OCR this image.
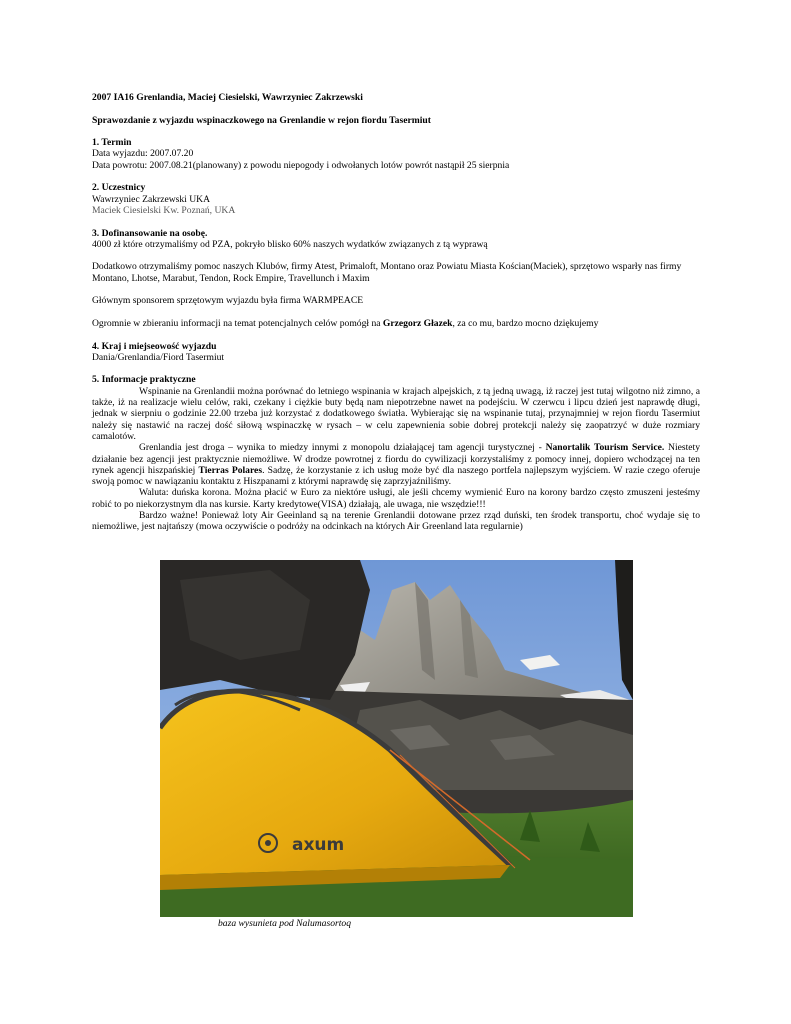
2007 IA16 Grenlandia, Maciej Ciesielski, Wawrzyniec Zakrzewski

Sprawozdanie z wyjazdu wspinaczkowego na Grenlandie w rejon fiordu Tasermiut

1. Termin

Data wyjazdu: 2007.07.20

Data powrotu: 2007.08.21(planowany) z powodu niepogody i odwołanych lotów powrót nastąpił 25 sierpnia

2. Uczestnicy

Wawrzyniec Zakrzewski UKA

Maciek Ciesielski Kw. Poznań, UKA

3. Dofinansowanie na osobę.

4000 zł które otrzymaliśmy od PZA, pokryło blisko 60% naszych wydatków związanych z tą wyprawą

Dodatkowo otrzymaliśmy pomoc naszych Klubów, firmy Atest, Primaloft, Montano oraz Powiatu Miasta Kościan(Maciek), sprzętowo wsparły nas firmy Montano, Lhotse, Marabut, Tendon, Rock Empire, Travellunch i Maxim

Głównym sponsorem sprzętowym wyjazdu była firma WARMPEACE

Ogromnie w zbieraniu informacji na temat potencjalnych celów pomógł na Grzegorz Głazek, za co mu, bardzo mocno dziękujemy

4. Kraj i miejseowość wyjazdu

Dania/Grenlandia/Fiord Tasermiut

5. Informacje praktyczne

Wspinanie na Grenlandii można porównać do letniego wspinania w krajach alpejskich, z tą jedną uwagą, iż raczej jest tutaj wilgotno niż zimno, a także, iż na realizacje wielu celów, raki, czekany i ciężkie buty będą nam niepotrzebne nawet na podejściu. W czerwcu i lipcu dzień jest naprawdę długi, jednak w sierpniu o godzinie 22.00 trzeba już korzystać z dodatkowego światła. Wybierając się na wspinanie tutaj, przynajmniej w rejon fiordu Tasermiut należy się nastawić na raczej dość siłową wspinaczkę w rysach – w celu zapewnienia sobie dobrej protekcji należy się zaopatrzyć w duże rozmiary camalotów.

Grenlandia jest droga – wynika to miedzy innymi z monopolu działającej tam agencji turystycznej - Nanortalik Tourism Service. Niestety działanie bez agencji jest praktycznie niemożliwe. W drodze powrotnej z fiordu do cywilizacji korzystaliśmy z pomocy innej, dopiero wchodzącej na ten rynek agencji hiszpańskiej Tierras Polares. Sadzę, że korzystanie z ich usług może być dla naszego portfela najlepszym wyjściem. W razie czego oferuje swoją pomoc w nawiązaniu kontaktu z Hiszpanami z którymi naprawdę się zaprzyjaźniliśmy.

Waluta: duńska korona. Można płacić w Euro za niektóre usługi, ale jeśli chcemy wymienić Euro na korony bardzo często zmuszeni jesteśmy robić to po niekorzystnym dla nas kursie. Karty kredytowe(VISA) działają, ale uwaga, nie wszędzie!!!

Bardzo ważne! Ponieważ loty Air Geeinland są na terenie Grenlandii dotowane przez rząd duński, ten środek transportu, choć wydaje się to niemożliwe, jest najtańszy (mowa oczywiście o podróży na odcinkach na których Air Greenland lata regularnie)

axum
baza wysunieta pod Nalumasortoq
